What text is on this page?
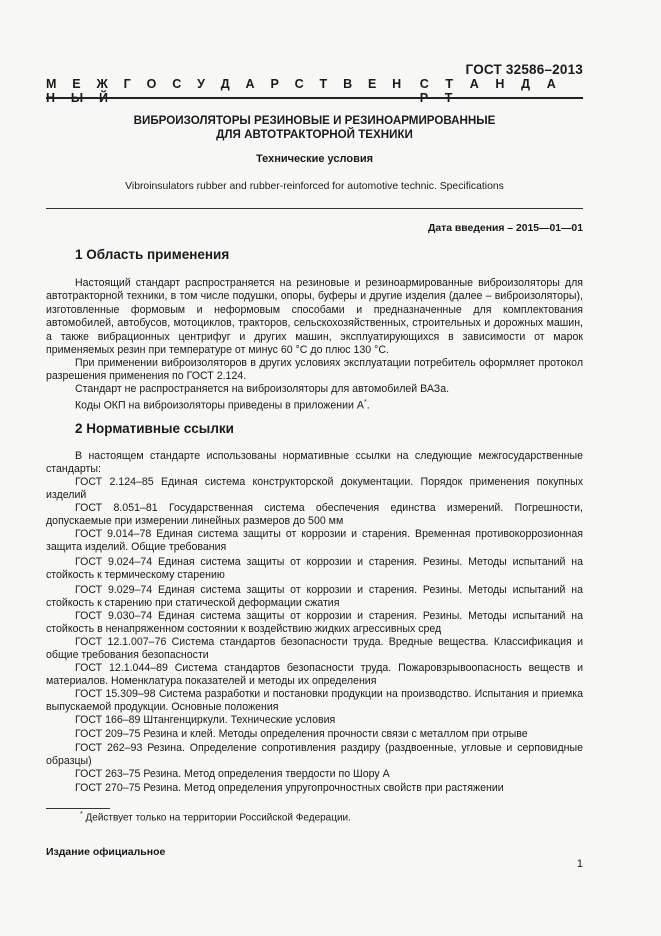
ГОСТ 32586–2013
М Е Ж Г О С У Д А Р С Т В Е Н Н Ы Й
С Т А Н Д А Р Т
ВИБРОИЗОЛЯТОРЫ РЕЗИНОВЫЕ И РЕЗИНОАРМИРОВАННЫЕ
ДЛЯ АВТОТРАКТОРНОЙ ТЕХНИКИ
Технические условия
Vibroinsulators rubber and rubber-reinforced for automotive technic. Specifications
Дата введения – 2015—01—01
1 Область применения
Настоящий стандарт распространяется на резиновые и резиноармированные виброизоляторы для автотракторной техники, в том числе подушки, опоры, буферы и другие изделия (далее – виброизоляторы), изготовленные формовым и неформовым способами и предназначенные для комплектования автомобилей, автобусов, мотоциклов, тракторов, сельскохозяйственных, строительных и дорожных машин, а также вибрационных центрифуг и других машин, эксплуатирующихся в зависимости от марок применяемых резин при температуре от минус 60 °С до плюс 130 °С.
При применении виброизоляторов в других условиях эксплуатации потребитель оформляет протокол разрешения применения по ГОСТ 2.124.
Стандарт не распространяется на виброизоляторы для автомобилей ВАЗа.
Коды ОКП на виброизоляторы приведены в приложении А*.
2 Нормативные ссылки
В настоящем стандарте использованы нормативные ссылки на следующие межгосударственные стандарты:
ГОСТ 2.124–85 Единая система конструкторской документации. Порядок применения покупных изделий
ГОСТ 8.051–81 Государственная система обеспечения единства измерений. Погрешности, допускаемые при измерении линейных размеров до 500 мм
ГОСТ 9.014–78 Единая система защиты от коррозии и старения. Временная противокоррозионная защита изделий. Общие требования
ГОСТ 9.024–74 Единая система защиты от коррозии и старения. Резины. Методы испытаний на стойкость к термическому старению
ГОСТ 9.029–74 Единая система защиты от коррозии и старения. Резины. Методы испытаний на стойкость к старению при статической деформации сжатия
ГОСТ 9.030–74 Единая система защиты от коррозии и старения. Резины. Методы испытаний на стойкость в ненапряженном состоянии к воздействию жидких агрессивных сред
ГОСТ 12.1.007–76 Система стандартов безопасности труда. Вредные вещества. Классификация и общие требования безопасности
ГОСТ 12.1.044–89 Система стандартов безопасности труда. Пожаровзрывоопасность веществ и материалов. Номенклатура показателей и методы их определения
ГОСТ 15.309–98 Система разработки и постановки продукции на производство. Испытания и приемка выпускаемой продукции. Основные положения
ГОСТ 166–89 Штангенциркули. Технические условия
ГОСТ 209–75 Резина и клей. Методы определения прочности связи с металлом при отрыве
ГОСТ 262–93 Резина. Определение сопротивления раздиру (раздвоенные, угловые и серповидные образцы)
ГОСТ 263–75 Резина. Метод определения твердости по Шору А
ГОСТ 270–75 Резина. Метод определения упругопрочностных свойств при растяжении
* Действует только на территории Российской Федерации.
Издание официальное
1
